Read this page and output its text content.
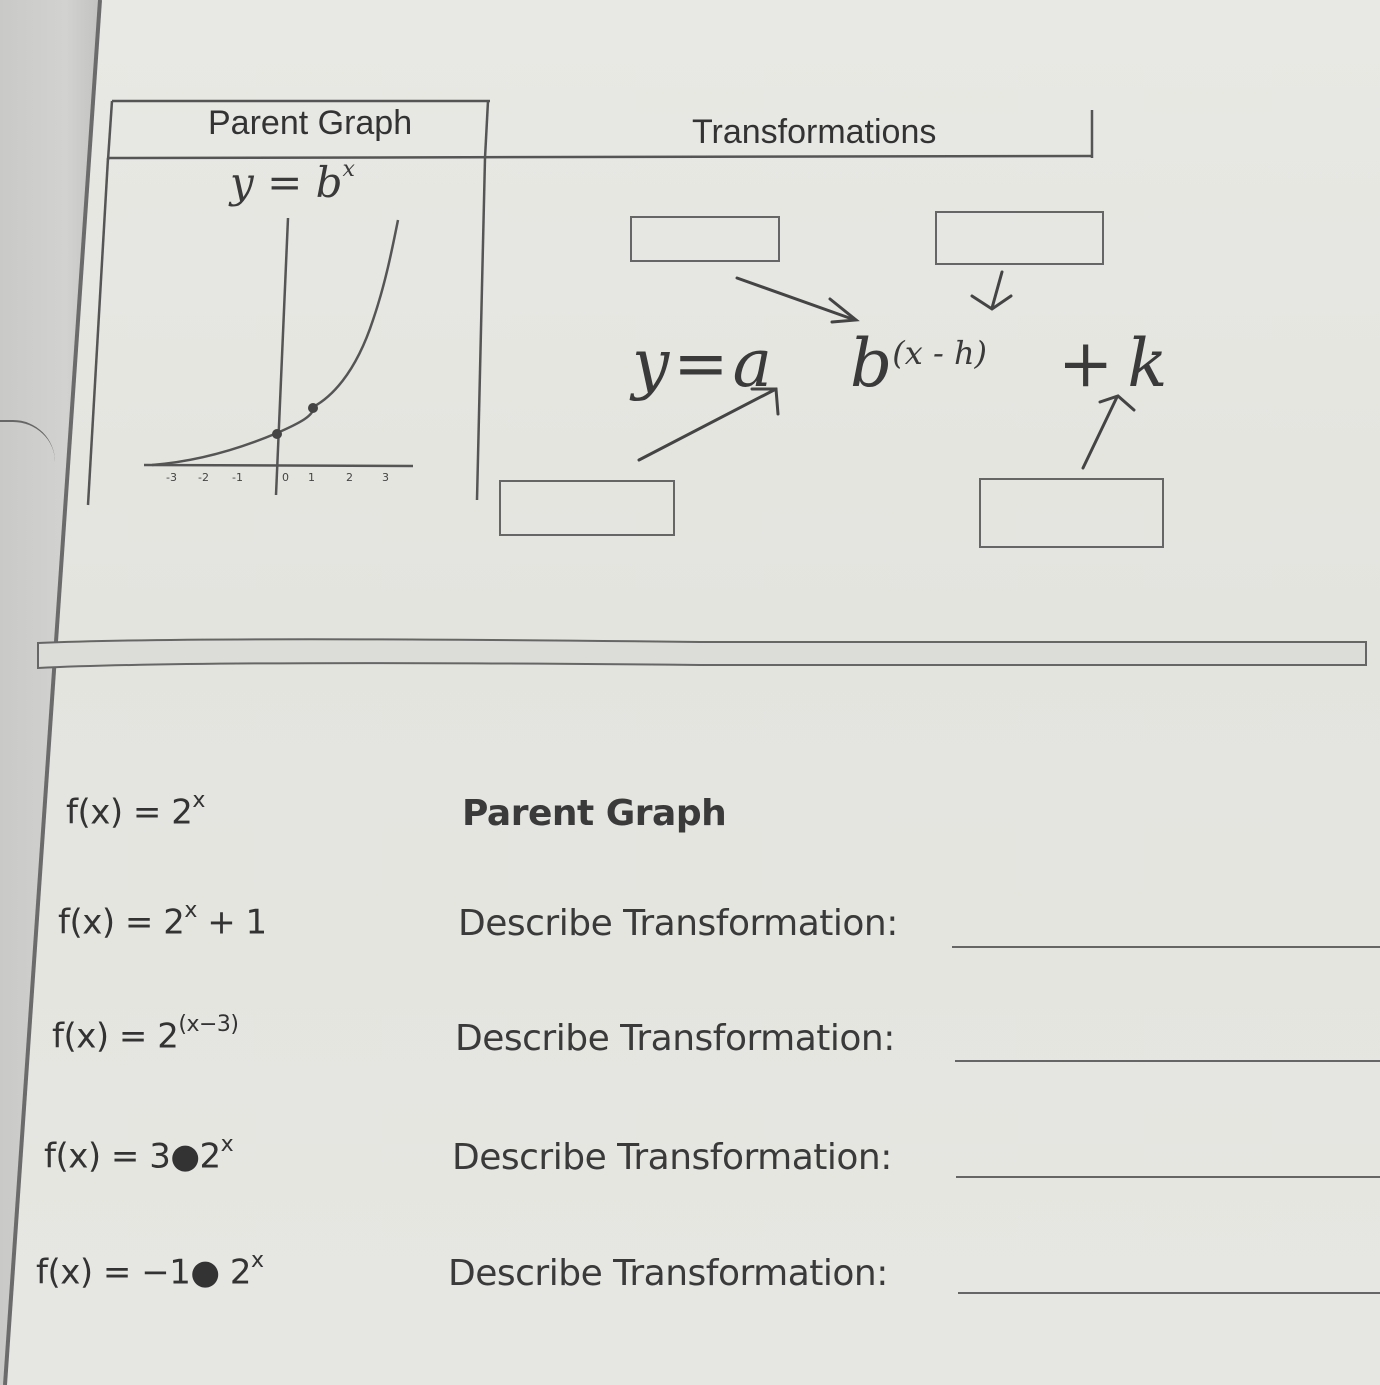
Parent Graph	Transformations
$y = b^x$
-3 -2 -1	0 1	2	3
y=a $b^{(x - h)} + k$
$f(x) = 2^x$	Parent Graph
$f(x) = 2^x + 1$	Describe Transformation:
$f(x) = 2^{(x-3)}$	Describe Transformation:
$f(x) = 3●2^x$	Describe Transformation:
f(x) = −1● 2$^x$	Describe Transformation:
